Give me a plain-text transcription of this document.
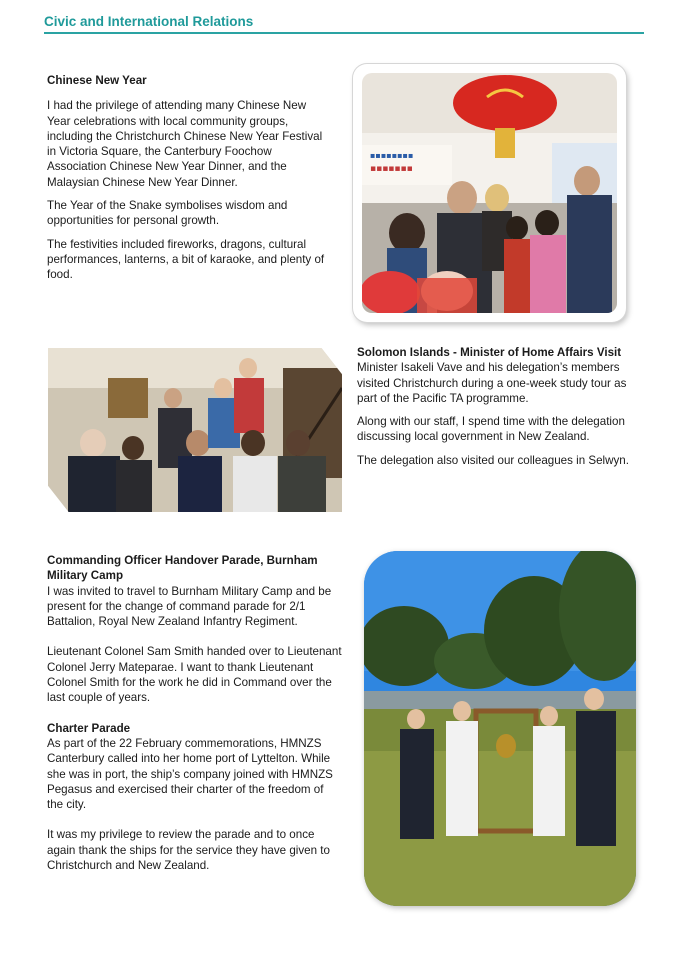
Civic and International Relations
Chinese New Year

I had the privilege of attending many Chinese New Year celebrations with local community groups, including the Christchurch Chinese New Year Festival in Victoria Square, the Canterbury Foochow Association Chinese New Year Dinner, and the Malaysian Chinese New Year Dinner.

The Year of the Snake symbolises wisdom and opportunities for personal growth.

The festivities included fireworks, dragons, cultural performances, lanterns, a bit of karaoke, and plenty of food.

▪▪▪▪▪▪▪▪
▪▪▪▪▪▪▪
Solomon Islands - Minister of Home Affairs Visit

Minister Isakeli Vave and his delegation’s members visited Christchurch during a one-week study tour as part of the Pacific TA programme.

Along with our staff, I spend time with the delegation discussing local government in New Zealand.

The delegation also visited our colleagues in Selwyn.

Commanding Officer Handover Parade, Burnham Military Camp

I was invited to travel to Burnham Military Camp and be present for the change of command parade for 2/1 Battalion, Royal New Zealand Infantry Regiment.

Lieutenant Colonel Sam Smith handed over to Lieutenant Colonel Jerry Mateparae. I want to thank Lieutenant Colonel Smith for the work he did in Command over the last couple of years.

Charter Parade

As part of the 22 February commemorations, HMNZS Canterbury called into her home port of Lyttelton. While she was in port, the ship’s company joined with HMNZS Pegasus and exercised their charter of the freedom of the city.

It was my privilege to review the parade and to once again thank the ships for the service they have given to Christchurch and New Zealand.
